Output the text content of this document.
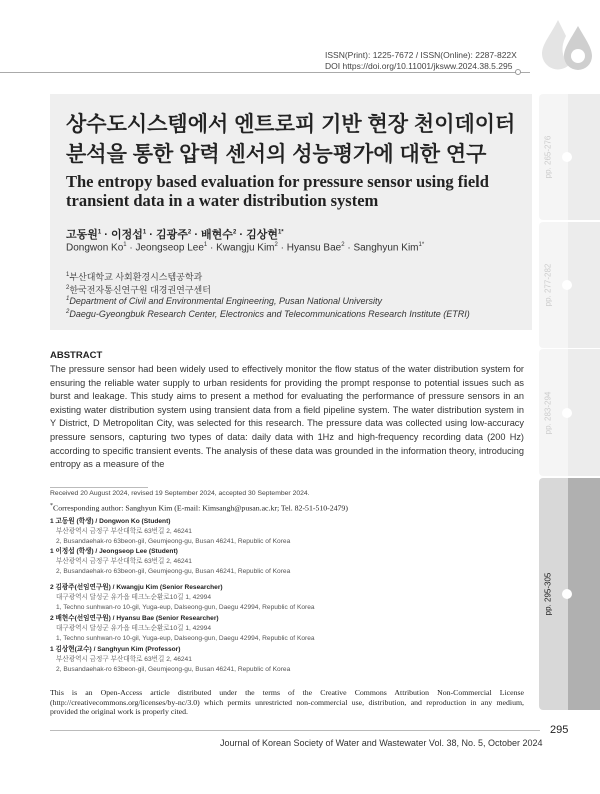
ISSN(Print): 1225-7672 / ISSN(Online): 2287-822X
DOI https://doi.org/10.11001/jksww.2024.38.5.295
상수도시스템에서 엔트로피 기반 현장 천이데이터
분석을 통한 압력 센서의 성능평가에 대한 연구
The entropy based evaluation for pressure sensor using field
transient data in a water distribution system
고동원$^1$ · 이정섭$^1$ · 김광주$^2$ · 배현수$^2$ · 김상현$^{1*}$
Dongwon $Ko^1$ · Jeongseop Lee$^1$ · Kwangju Kim$^2$ · Hyansu Bae$^2$ · Sanghyun Kim$^{1*}$
$^1$부산대학교 사회환경시스템공학과
$^2$한국전자통신연구원 대경권연구센터
$^1$Department of Civil and Environmental Engineering, Pusan National University
$^2$Daegu-Gyeongbuk Research Center, Electronics and Telecommunications Research Institute (ETRI)
ABSTRACT
The pressure sensor had been widely used to effectively monitor the flow status of the water distribution system for ensuring the reliable water supply to urban residents for providing the prompt response to potential issues such as burst and leakage. This study aims to present a method for evaluating the performance of pressure sensors in an existing water distribution system using transient data from a field pipeline system. The water distribution system in Y District, D Metropolitan City, was selected for this research. The pressure data was collected using low-accuracy pressure sensors, capturing two types of data: daily data with 1Hz and high-frequency recording data (200 Hz) according to specific transient events. The analysis of these data was grounded in the information theory, introducing entropy as a measure of the
Received 20 August 2024, revised 19 September 2024, accepted 30 September 2024.
*Corresponding author: Sanghyun Kim (E-mail: Kimsangh@pusan.ac.kr; Tel. 82-51-510-2479)
1 고동원 (학생) / Dongwon Ko (Student)
부산광역시 금정구 부산대학로 63번길 2, 46241
2, Busandaehak-ro 63beon-gil, Geumjeong-gu, Busan 46241, Republic of Korea
1 이정섭 (학생) / Jeongseop Lee (Student)
부산광역시 금정구 부산대학로 63번길 2, 46241
2, Busandaehak-ro 63beon-gil, Geumjeong-gu, Busan 46241, Republic of Korea
2 김광주(선임연구원) / Kwangju Kim (Senior Researcher)
대구광역시 달성군 유가읍 테크노순환로10길 1, 42994
1, Techno sunhwan-ro 10-gil, Yuga-eup, Dalseong-gun, Daegu 42994, Republic of Korea
2 배현수(선임연구원) / Hyansu Bae (Senior Researcher)
대구광역시 달성군 유가읍 테크노순환로10길 1, 42994
1, Techno sunhwan-ro 10-gil, Yuga-eup, Dalseong-gun, Daegu 42994, Republic of Korea
1 김상현(교수) / Sanghyun Kim (Professor)
부산광역시 금정구 부산대학로 63번길 2, 46241
2, Busandaehak-ro 63beon-gil, Geumjeong-gu, Busan 46241, Republic of Korea
This is an Open-Access article distributed under the terms of the Creative Commons Attribution Non-Commercial License (http://creativecommons.org/licenses/by-nc/3.0) which permits unrestricted non-commercial use, distribution, and reproduction in any medium, provided the original work is properly cited.
295
Journal of Korean Society of Water and Wastewater Vol. 38, No. 5, October 2024
pp. 265-276
pp. 277-282
pp. 283-294
pp. 295-305
